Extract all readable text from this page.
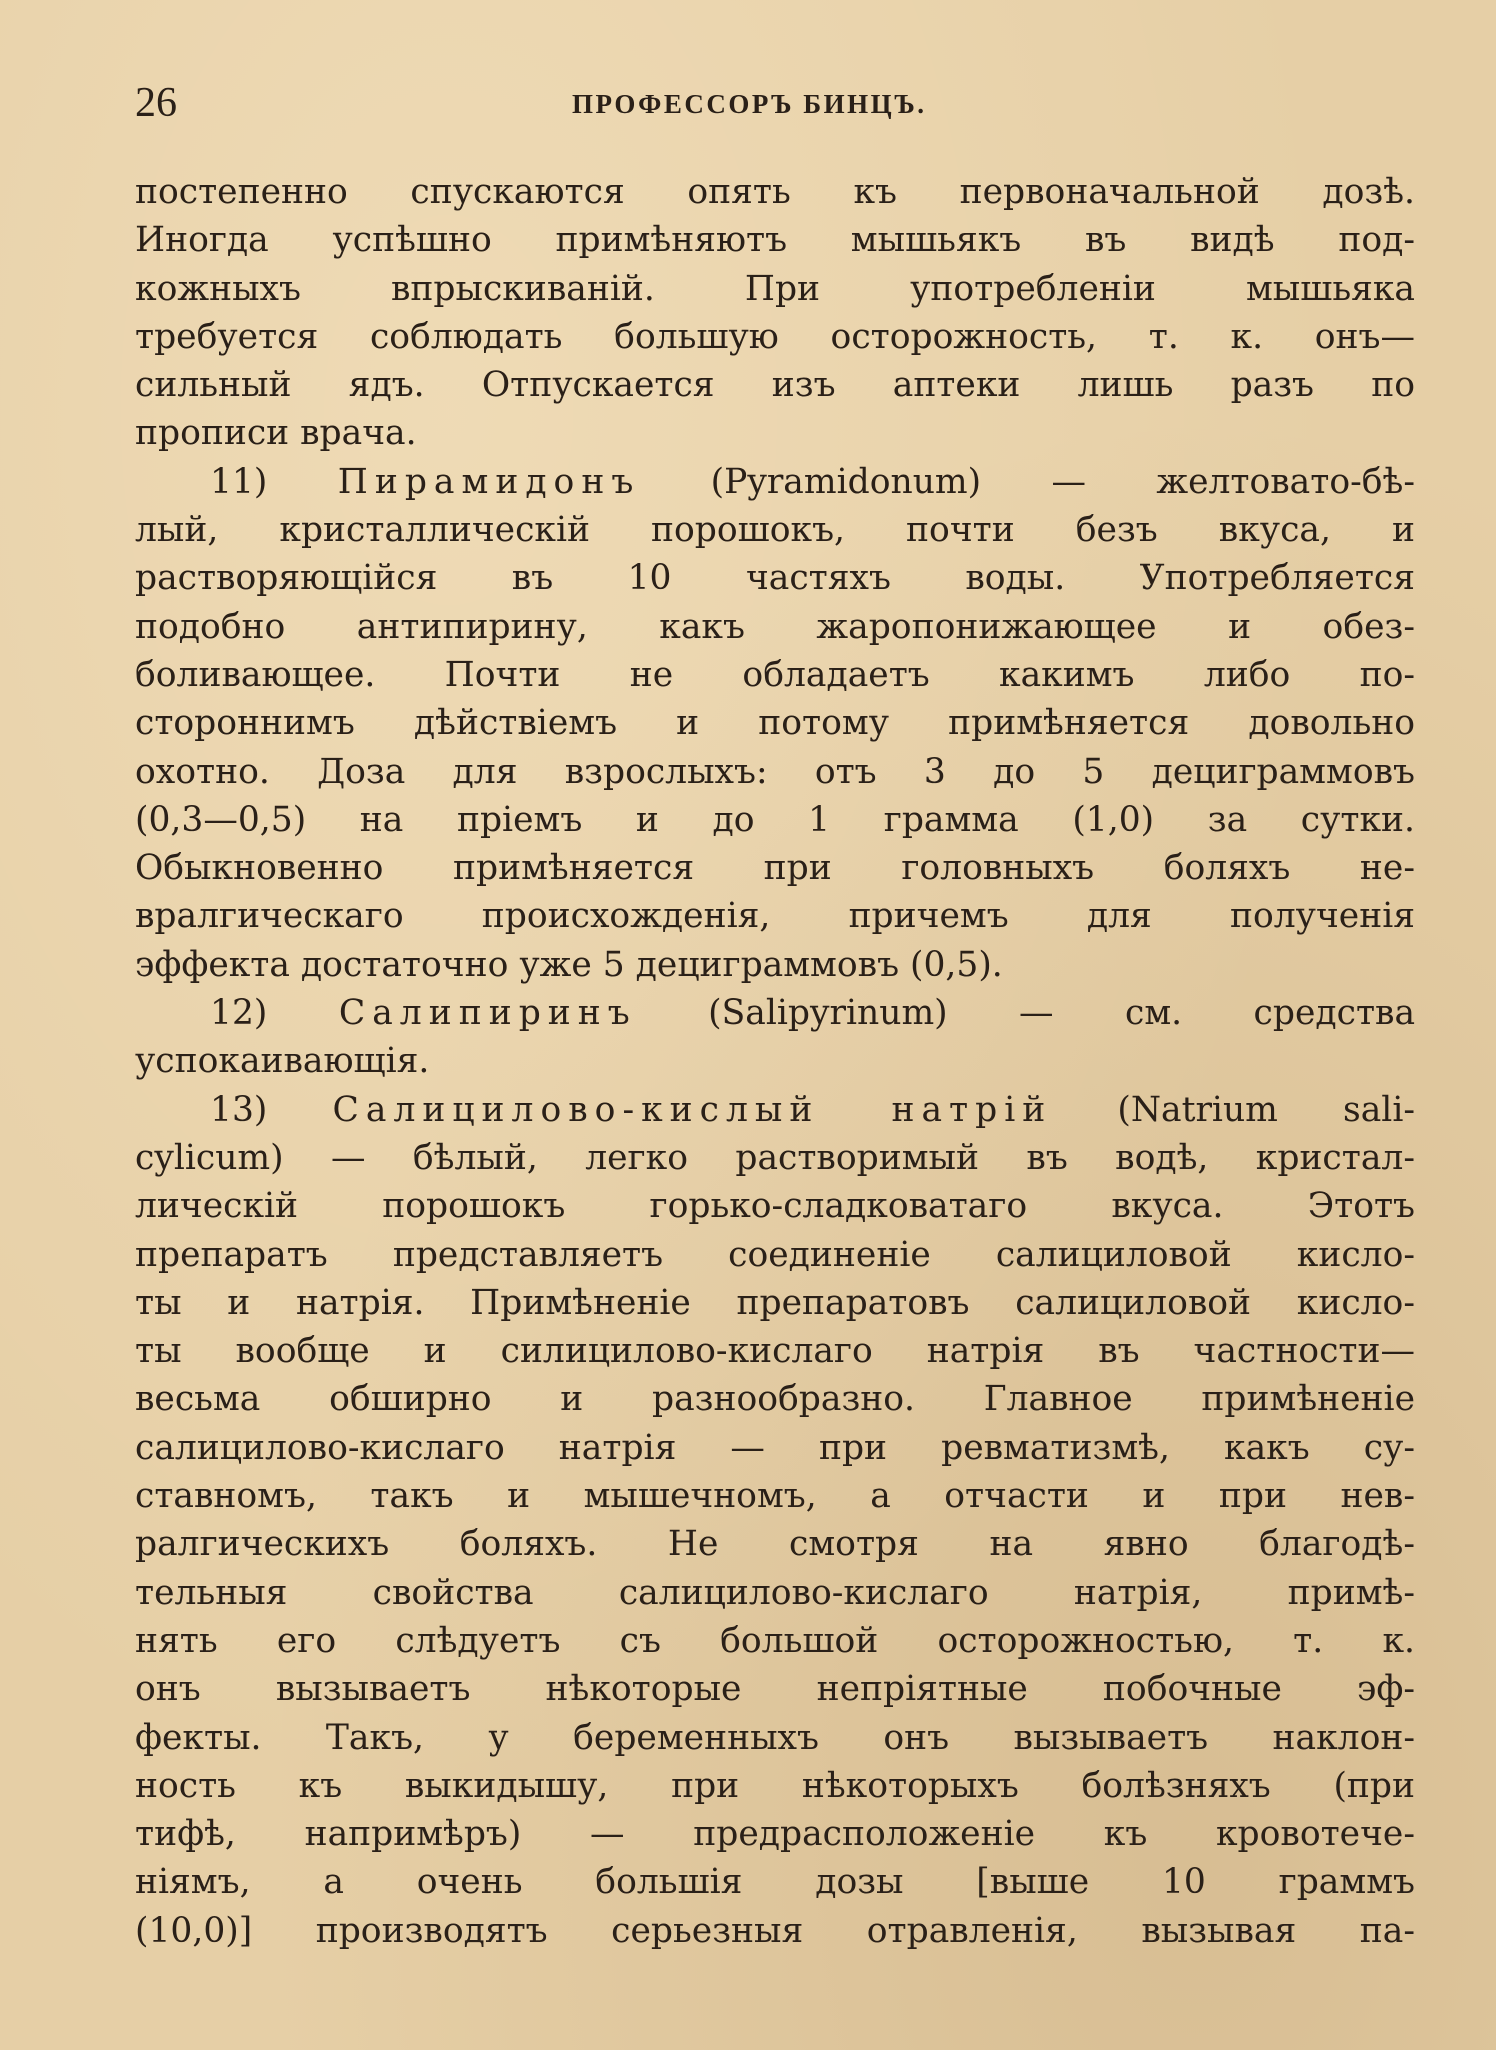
26	ПРОФЕССОРЪ БИНЦЪ.
постепенно спускаются опять къ первоначальной дозѣ.
Иногда успѣшно примѣняютъ мышьякъ въ видѣ под-
кожныхъ впрыскиваній. При употребленіи мышьяка
требуется соблюдать большую осторожность, т. к. онъ—
сильный ядъ. Отпускается изъ аптеки лишь разъ по
прописи врача.
11) Пирамидонъ (Pyramidonum) — желтовато-бѣ-
лый, кристаллическій порошокъ, почти безъ вкуса, и
растворяющійся въ 10 частяхъ воды. Употребляется
подобно антипирину, какъ жаропонижающее и обез-
боливающее. Почти не обладаетъ какимъ либо по-
стороннимъ дѣйствіемъ и потому примѣняется довольно
охотно. Доза для взрослыхъ: отъ 3 до 5 дециграммовъ
(0,3—0,5) на пріемъ и до 1 грамма (1,0) за сутки.
Обыкновенно примѣняется при головныхъ боляхъ не-
вралгическаго происхожденія, причемъ для полученія
эффекта достаточно уже 5 дециграммовъ (0,5).
12) Салипиринъ (Salipyrinum) — см. средства
успокаивающія.
13) Салицилово-кислый натрій (Natrium sali-
cylicum) — бѣлый, легко растворимый въ водѣ, кристал-
лическій порошокъ горько-сладковатаго вкуса. Этотъ
препаратъ представляетъ соединеніе салициловой кисло-
ты и натрія. Примѣненіе препаратовъ салициловой кисло-
ты вообще и силицилово-кислаго натрія въ частности—
весьма обширно и разнообразно. Главное примѣненіе
салицилово-кислаго натрія — при ревматизмѣ, какъ су-
ставномъ, такъ и мышечномъ, а отчасти и при нев-
ралгическихъ боляхъ. Не смотря на явно благодѣ-
тельныя свойства салицилово-кислаго натрія, примѣ-
нять его слѣдуетъ съ большой осторожностью, т. к.
онъ вызываетъ нѣкоторые непріятные побочные эф-
фекты. Такъ, у беременныхъ онъ вызываетъ наклон-
ность къ выкидышу, при нѣкоторыхъ болѣзняхъ (при
тифѣ, напримѣръ) — предрасположеніе къ кровотече-
ніямъ, а очень большія дозы [выше 10 граммъ
(10,0)] производятъ серьезныя отравленія, вызывая па-
